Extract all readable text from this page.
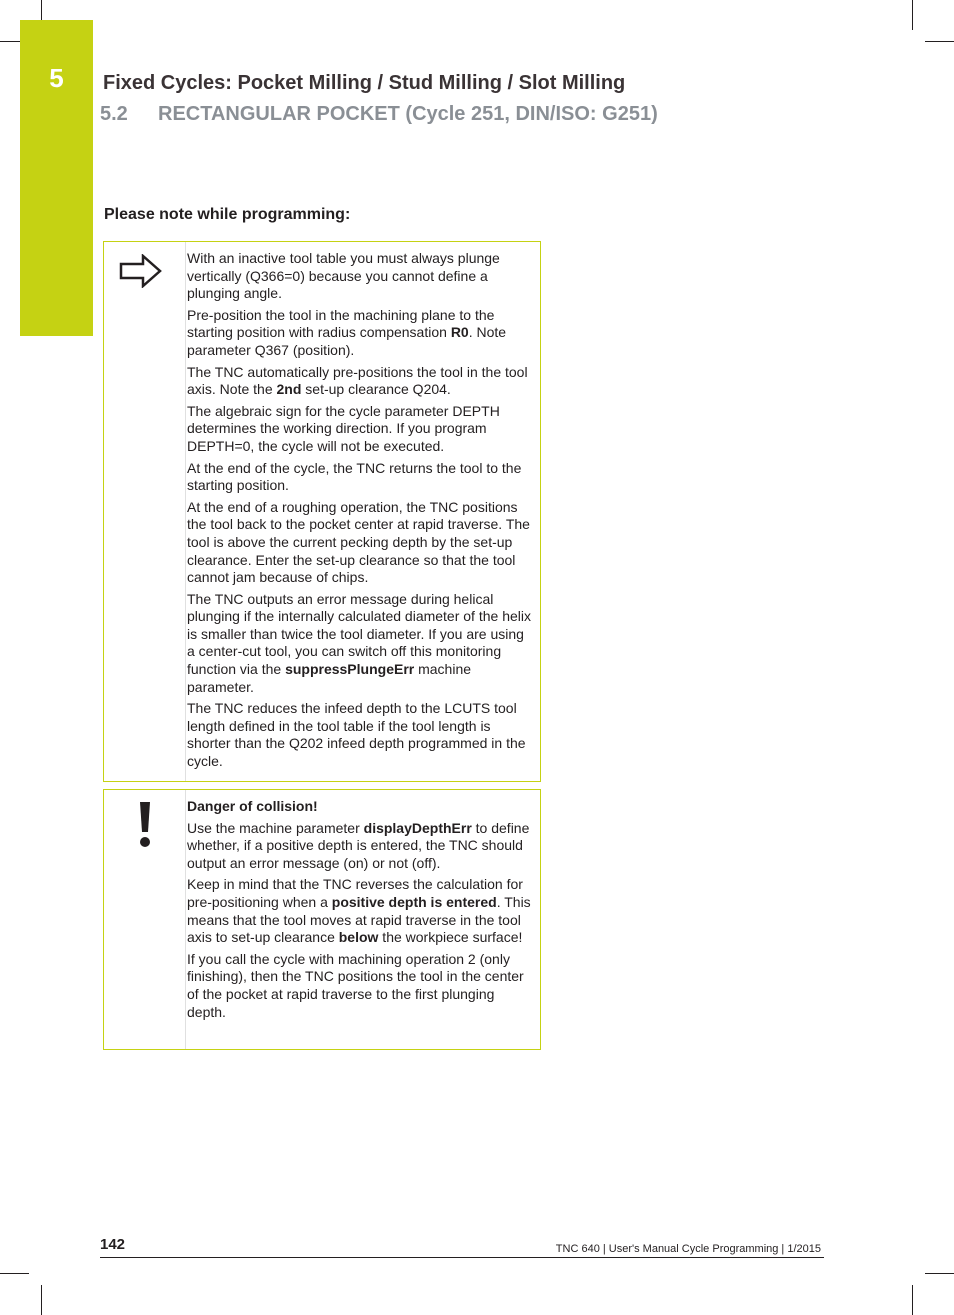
5	Fixed Cycles: Pocket Milling / Stud Milling / Slot Milling
5.2 RECTANGULAR POCKET (Cycle 251, DIN/ISO: G251)
Please note while programming:

With an inactive tool table you must always plunge vertically (Q366=0) because you cannot define a plunging angle.

Pre-position the tool in the machining plane to the starting position with radius compensation R0. Note parameter Q367 (position).

The TNC automatically pre-positions the tool in the tool axis. Note the 2nd set-up clearance Q204.

The algebraic sign for the cycle parameter DEPTH determines the working direction. If you program DEPTH=0, the cycle will not be executed.

At the end of the cycle, the TNC returns the tool to the starting position.

At the end of a roughing operation, the TNC positions the tool back to the pocket center at rapid traverse. The tool is above the current pecking depth by the set-up clearance. Enter the set-up clearance so that the tool cannot jam because of chips.

The TNC outputs an error message during helical plunging if the internally calculated diameter of the helix is smaller than twice the tool diameter. If you are using a center-cut tool, you can switch off this monitoring function via the suppressPlungeErr machine parameter.

The TNC reduces the infeed depth to the LCUTS tool length defined in the tool table if the tool length is shorter than the Q202 infeed depth programmed in the cycle.

Danger of collision!

Use the machine parameter displayDepthErr to define whether, if a positive depth is entered, the TNC should output an error message (on) or not (off).

Keep in mind that the TNC reverses the calculation for pre-positioning when a positive depth is entered. This means that the tool moves at rapid traverse in the tool axis to set-up clearance below the workpiece surface!

If you call the cycle with machining operation 2 (only finishing), then the TNC positions the tool in the center of the pocket at rapid traverse to the first plunging depth.

142	TNC 640 | User's Manual Cycle Programming | 1/2015
